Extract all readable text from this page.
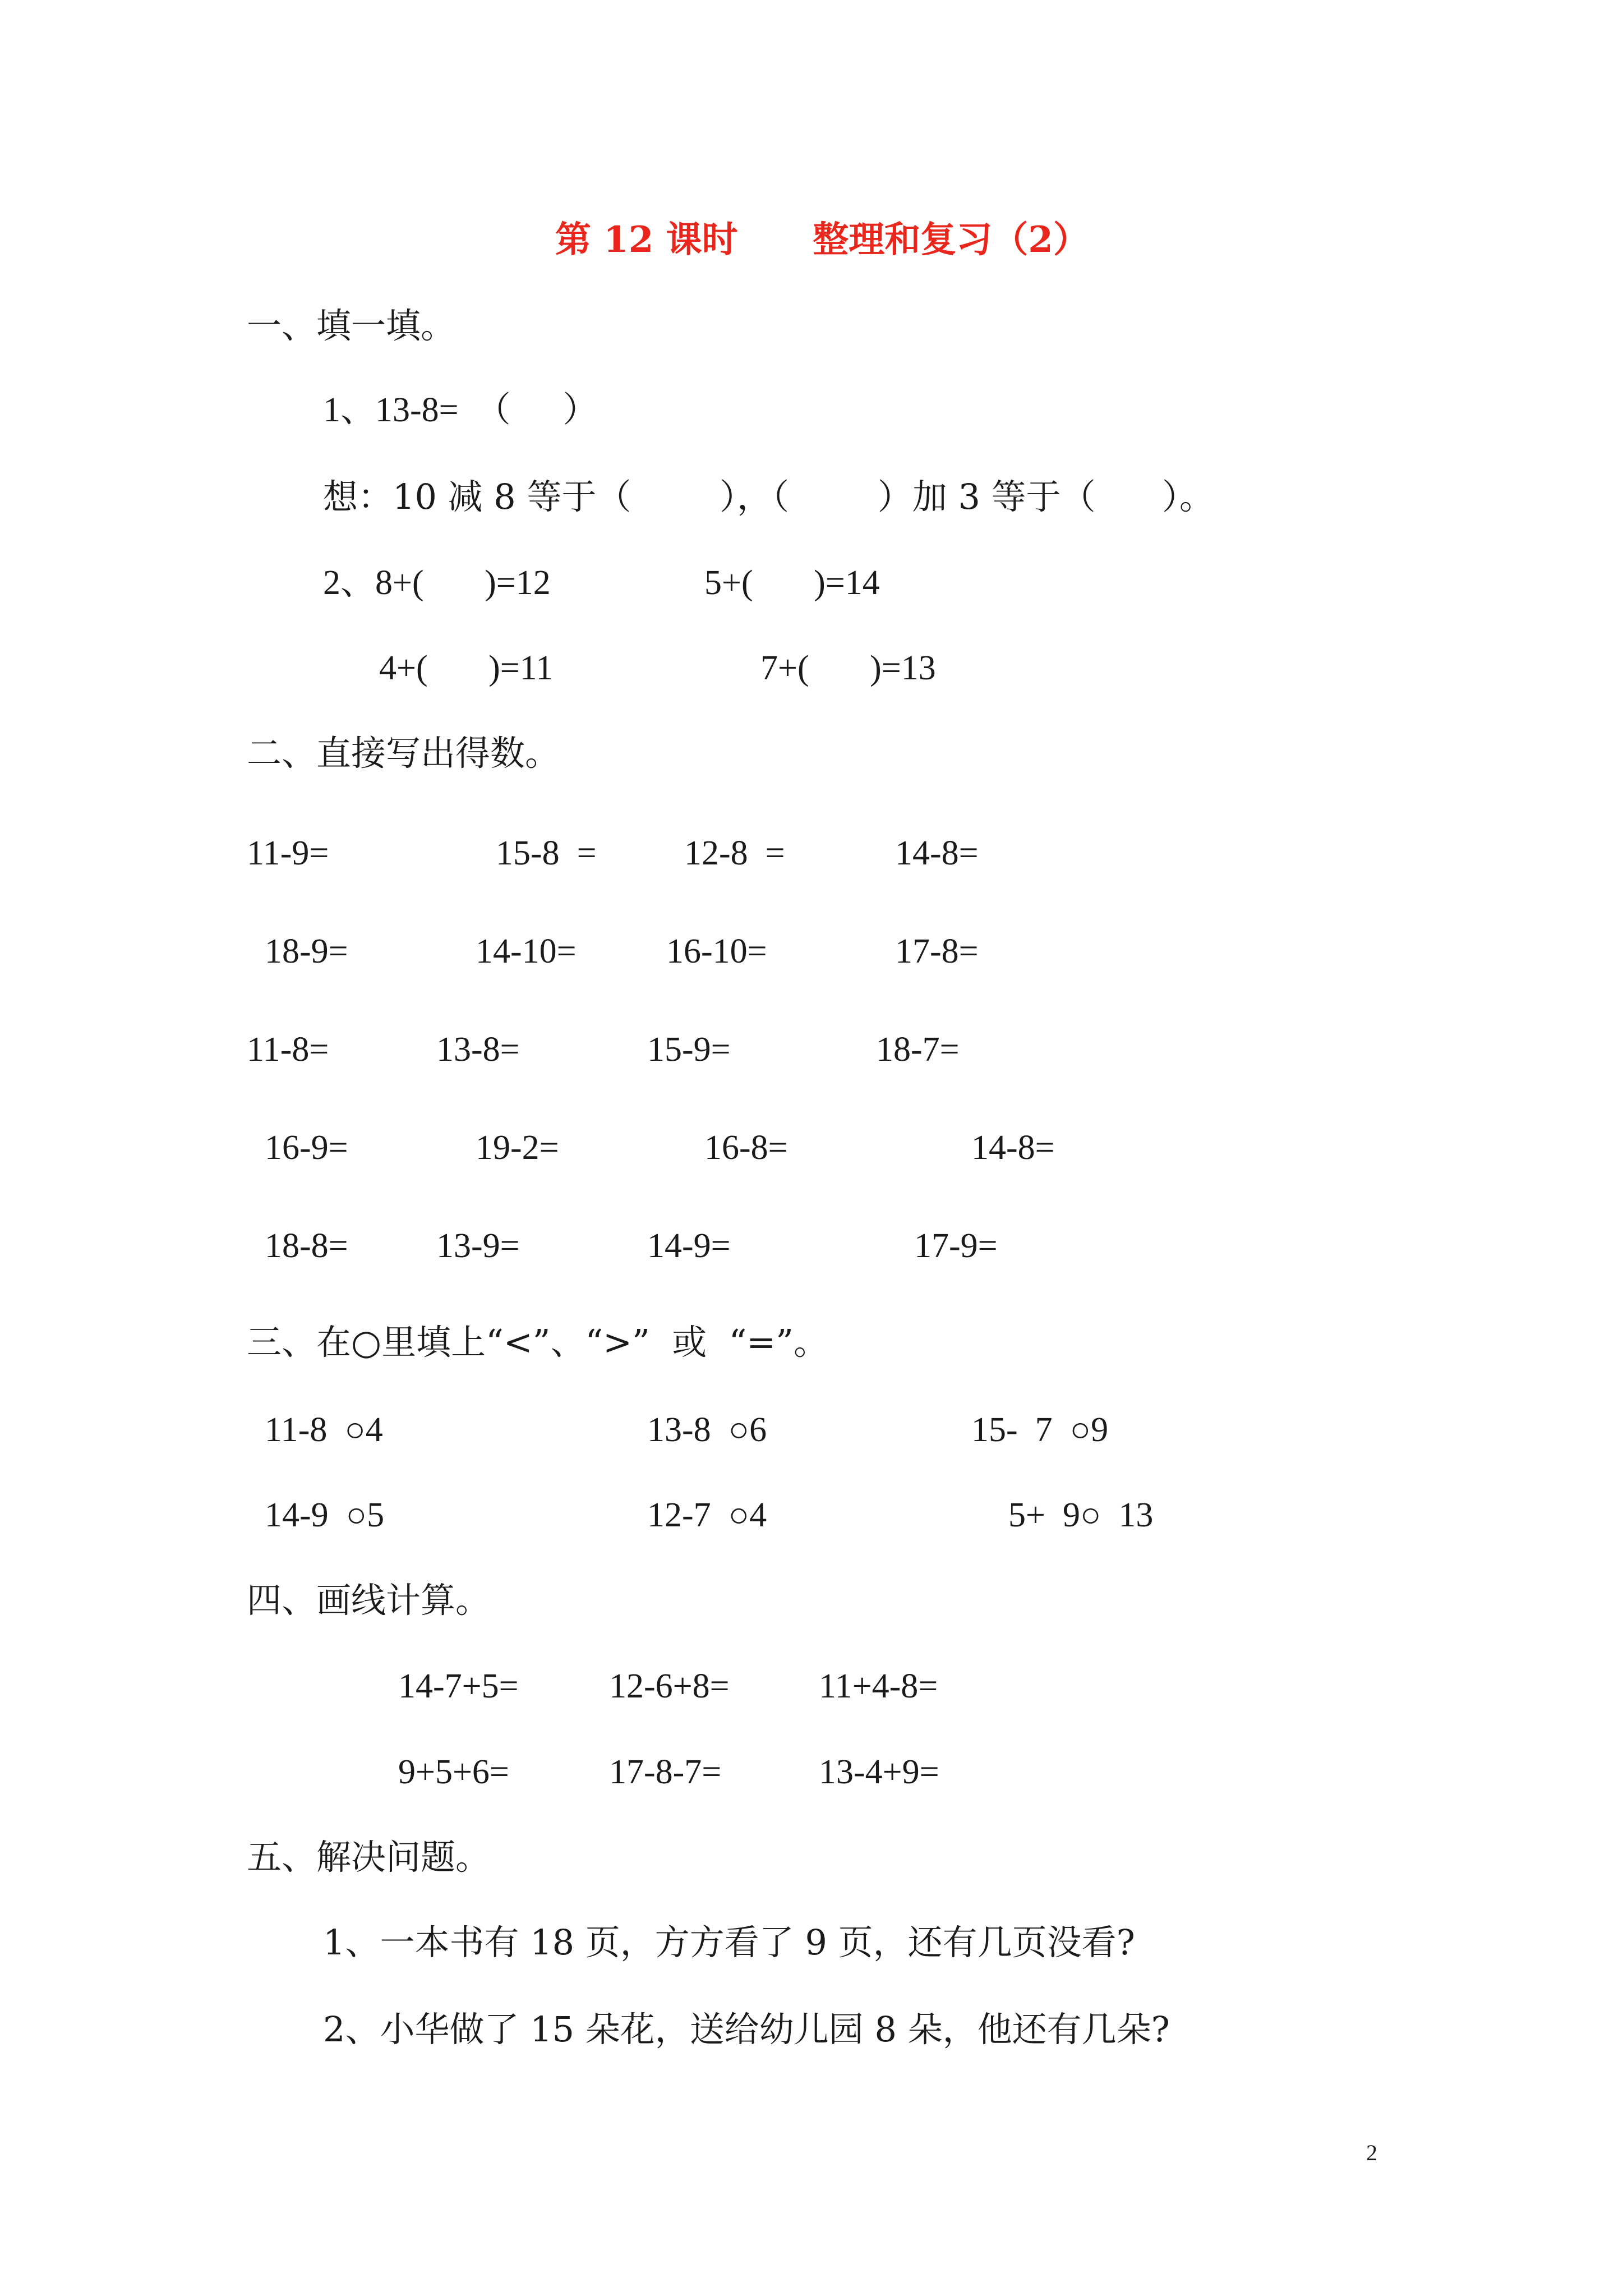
第 12 课时      整理和复习（2）
一、填一填。
1、13-8=  （      ）
想：10 减 8 等于（        ），（        ）加 3 等于（      ）。
2、8+(       )=12	5+(       )=14
4+(       )=11	7+(       )=13
二、直接写出得数。
11-9=	15-8  =	12-8  =	14-8=
18-9=	14-10=	16-10=	17-8=
11-8=	13-8=	15-9=	18-7=
16-9=	19-2=	16-8=	14-8=
18-8=	13-9=	14-9=	17-9=
三、在○里填上“<”、“>”  或  “=”。
11-8  ○4	13-8  ○6	15-  7  ○9
14-9  ○5	12-7  ○4	5+  9○  13
四、画线计算。
14-7+5=	12-6+8=	11+4-8=
9+5+6=	17-8-7=	13-4+9=
五、解决问题。
1、一本书有 18 页，方方看了 9 页，还有几页没看?
2、小华做了 15 朵花，送给幼儿园 8 朵，他还有几朵?
2
